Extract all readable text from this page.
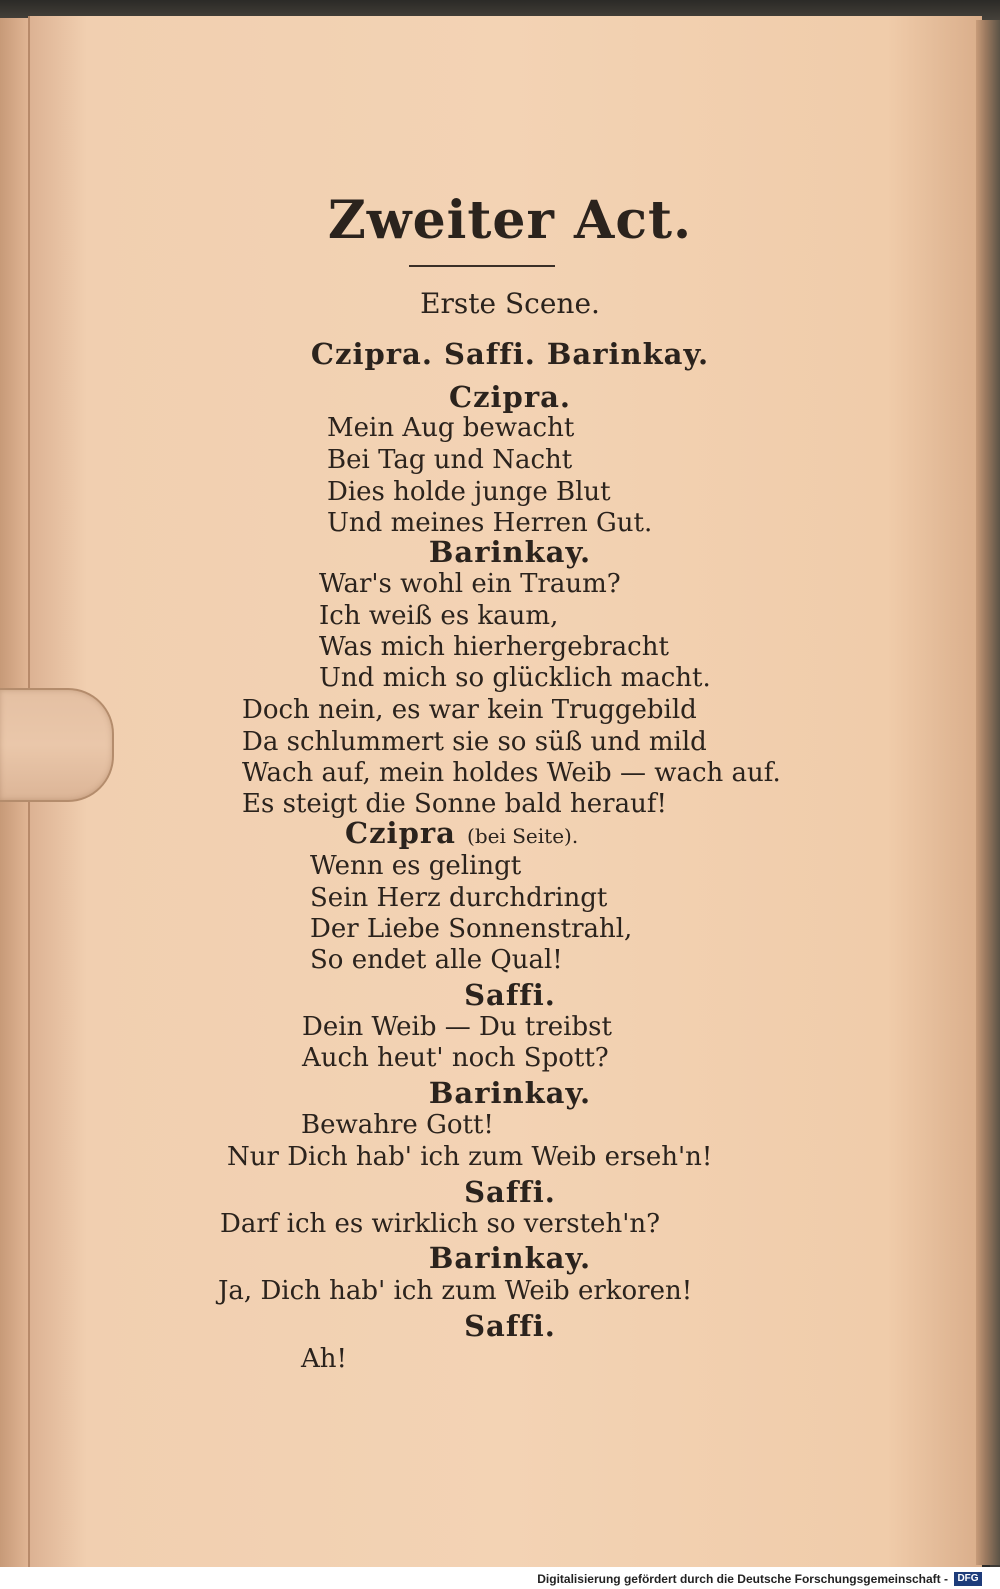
Zweiter Act.
Erste Scene.
Czipra. Saffi. Barinkay.
Czipra.
Mein Aug bewacht
Bei Tag und Nacht
Dies holde junge Blut
Und meines Herren Gut.
Barinkay.
War's wohl ein Traum?
Ich weiß es kaum,
Was mich hierhergebracht
Und mich so glücklich macht.
Doch nein, es war kein Truggebild
Da schlummert sie so süß und mild
Wach auf, mein holdes Weib — wach auf.
Es steigt die Sonne bald herauf!
Czipra (bei Seite).
Wenn es gelingt
Sein Herz durchdringt
Der Liebe Sonnenstrahl,
So endet alle Qual!
Saffi.
Dein Weib — Du treibst
Auch heut' noch Spott?
Barinkay.
Bewahre Gott!
Nur Dich hab' ich zum Weib erseh'n!
Saffi.
Darf ich es wirklich so versteh'n?
Barinkay.
Ja, Dich hab' ich zum Weib erkoren!
Saffi.
Ah!
Digitalisierung gefördert durch die Deutsche Forschungsgemeinschaft - DFG
